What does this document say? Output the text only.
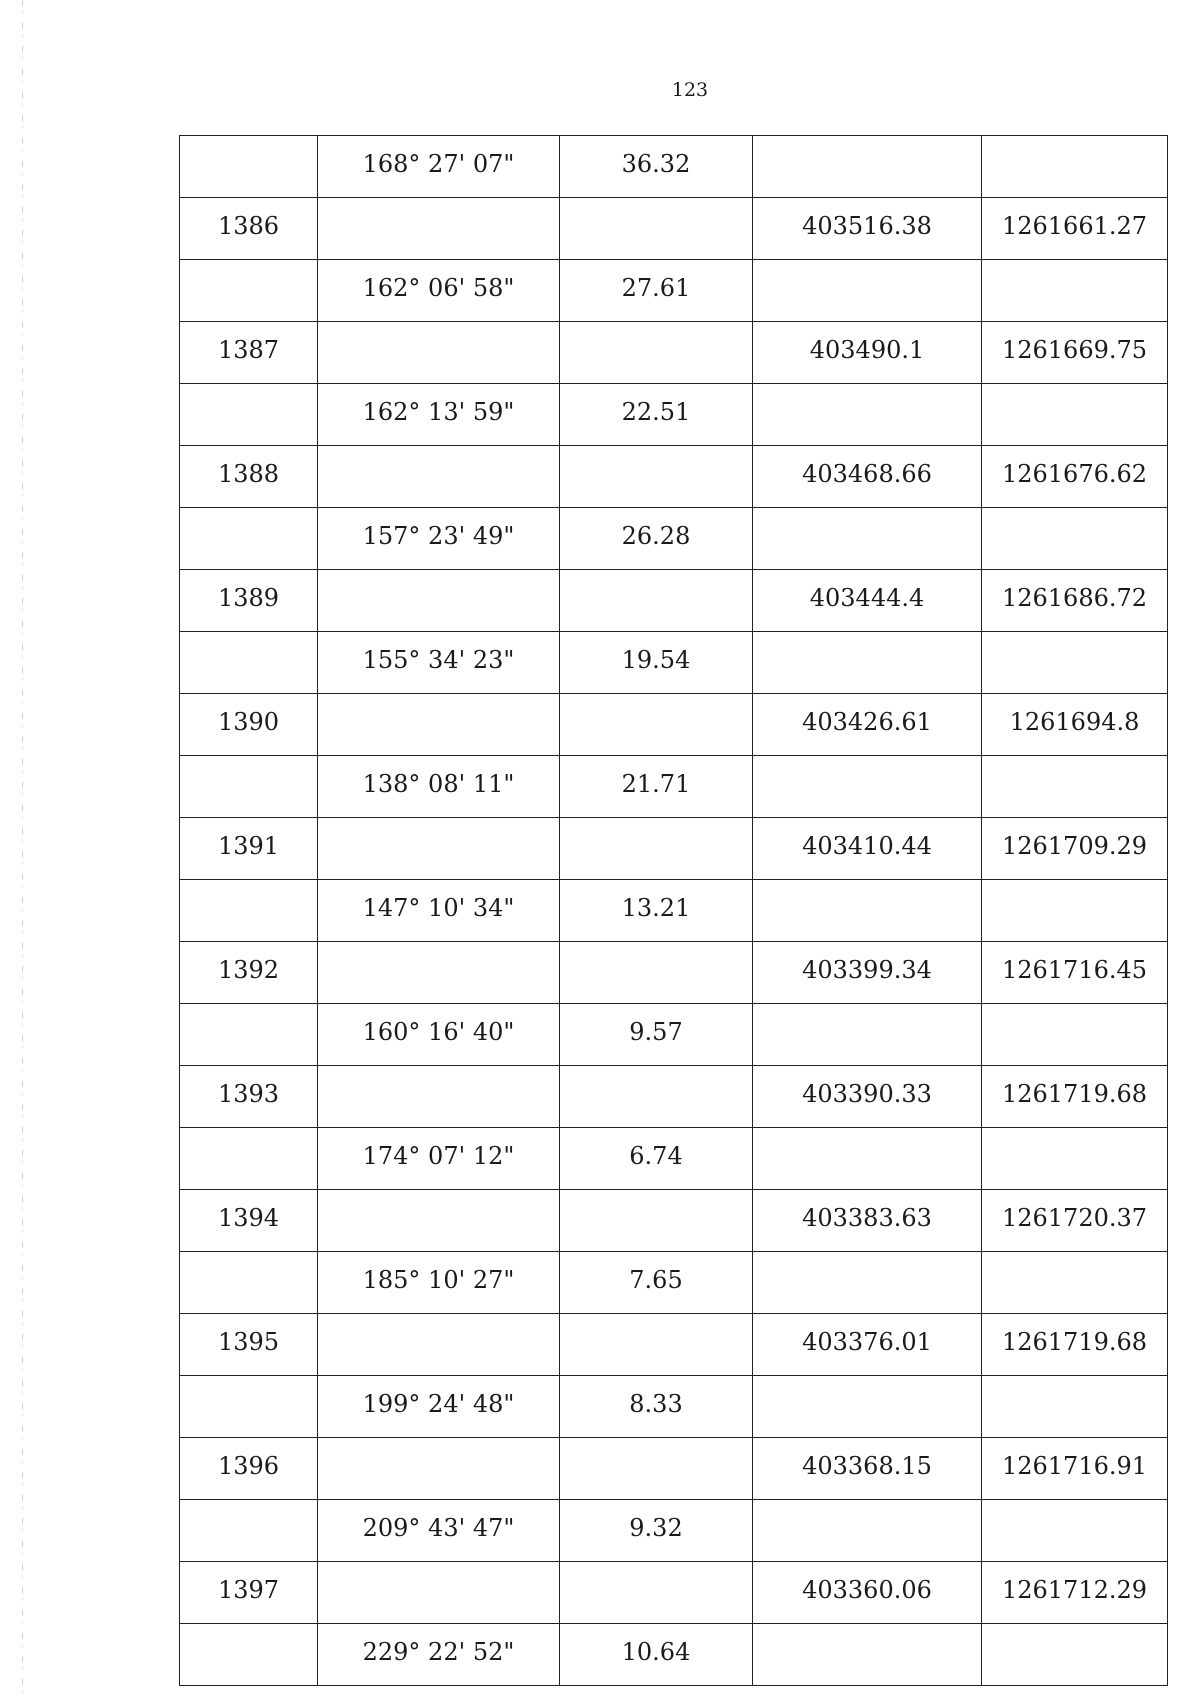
123
	168° 27' 07"	36.32		
1386			403516.38	1261661.27
	162° 06' 58"	27.61		
1387			403490.1	1261669.75
	162° 13' 59"	22.51		
1388			403468.66	1261676.62
	157° 23' 49"	26.28		
1389			403444.4	1261686.72
	155° 34' 23"	19.54		
1390			403426.61	1261694.8
	138° 08' 11"	21.71		
1391			403410.44	1261709.29
	147° 10' 34"	13.21		
1392			403399.34	1261716.45
	160° 16' 40"	9.57		
1393			403390.33	1261719.68
	174° 07' 12"	6.74		
1394			403383.63	1261720.37
	185° 10' 27"	7.65		
1395			403376.01	1261719.68
	199° 24' 48"	8.33		
1396			403368.15	1261716.91
	209° 43' 47"	9.32		
1397			403360.06	1261712.29
	229° 22' 52"	10.64		
